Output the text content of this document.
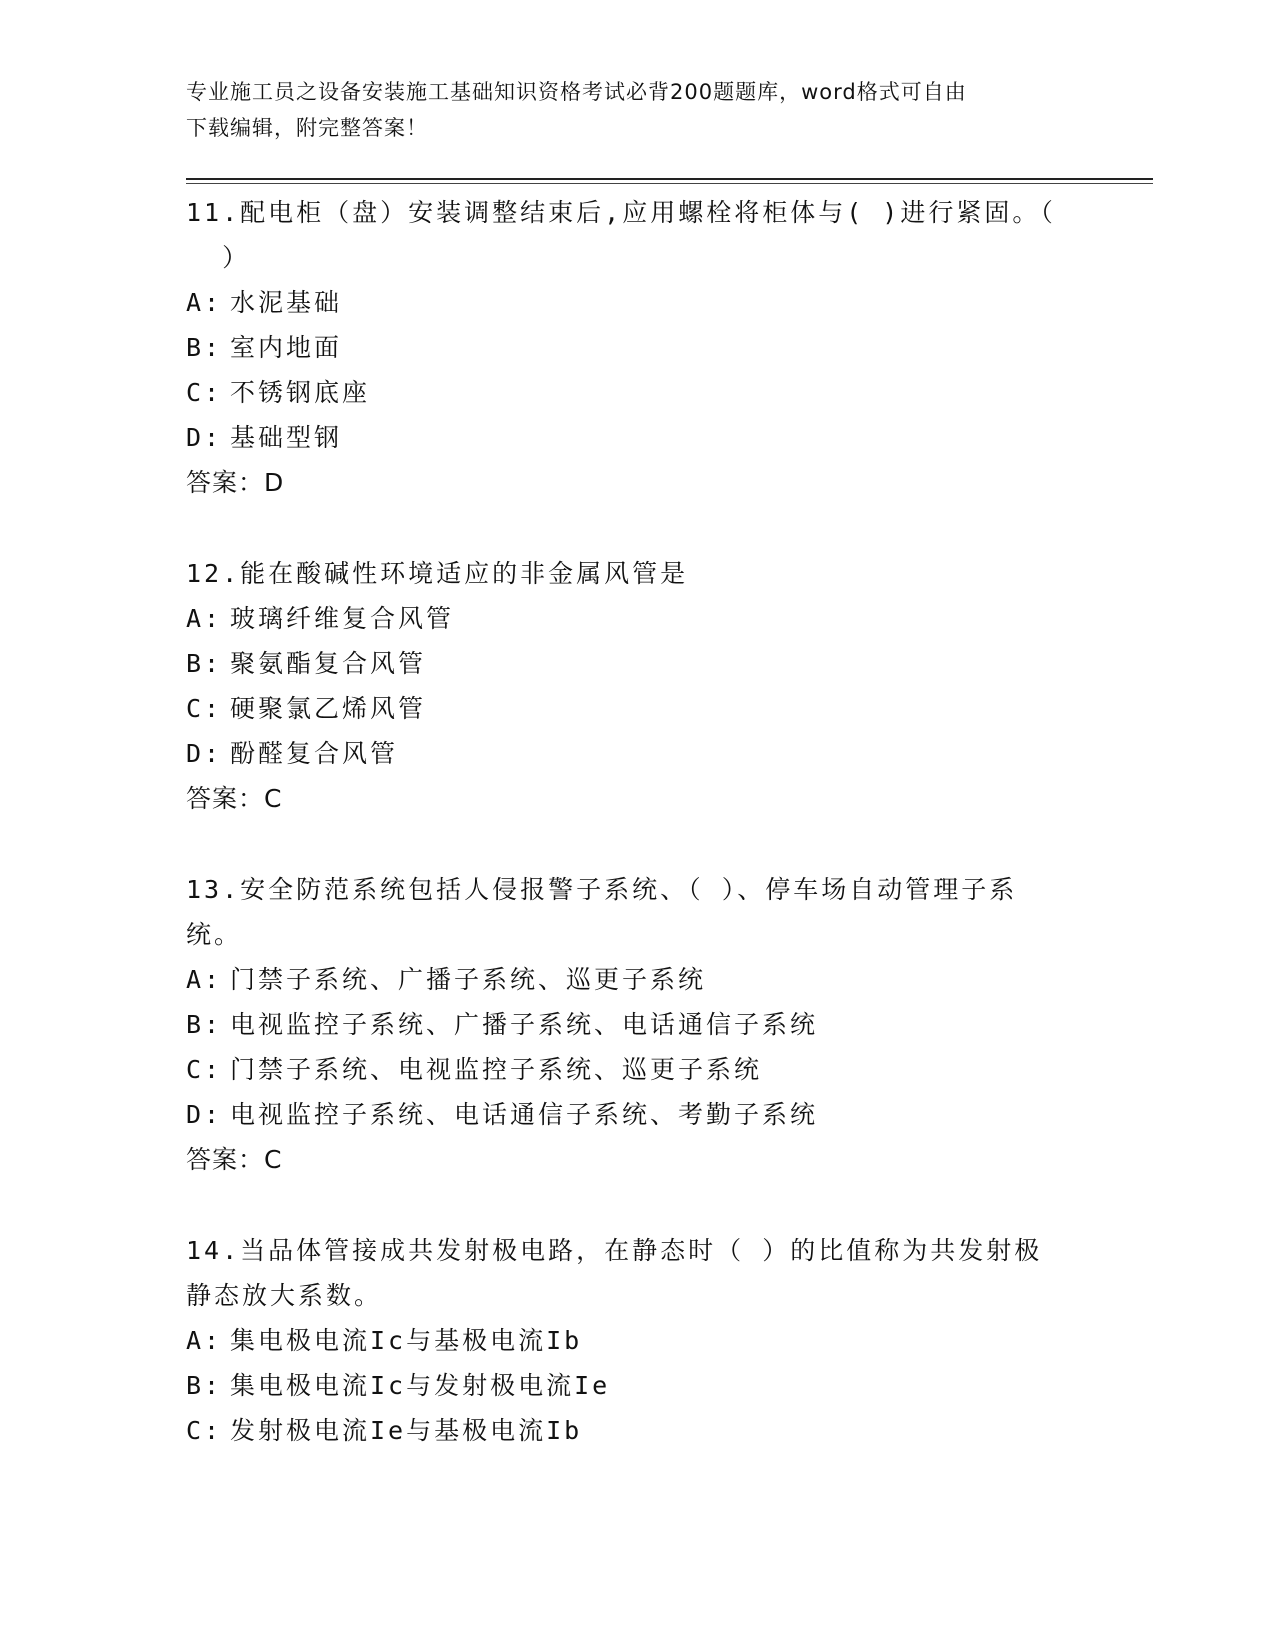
专业施工员之设备安装施工基础知识资格考试必背200题题库，word格式可自由
下载编辑，附完整答案！
11.配电柜（盘）安装调整结束后,应用螺栓将柜体与( )进行紧固。（
）
A: 水泥基础
B: 室内地面
C: 不锈钢底座
D: 基础型钢
答案：D
12.能在酸碱性环境适应的非金属风管是
A: 玻璃纤维复合风管
B: 聚氨酯复合风管
C: 硬聚氯乙烯风管
D: 酚醛复合风管
答案：C
13.安全防范系统包括人侵报警子系统、（ ）、停车场自动管理子系
统。
A: 门禁子系统、广播子系统、巡更子系统
B: 电视监控子系统、广播子系统、电话通信子系统
C: 门禁子系统、电视监控子系统、巡更子系统
D: 电视监控子系统、电话通信子系统、考勤子系统
答案：C
14.当品体管接成共发射极电路，在静态时（ ）的比值称为共发射极
静态放大系数。
A: 集电极电流Ic与基极电流Ib
B: 集电极电流Ic与发射极电流Ie
C: 发射极电流Ie与基极电流Ib
